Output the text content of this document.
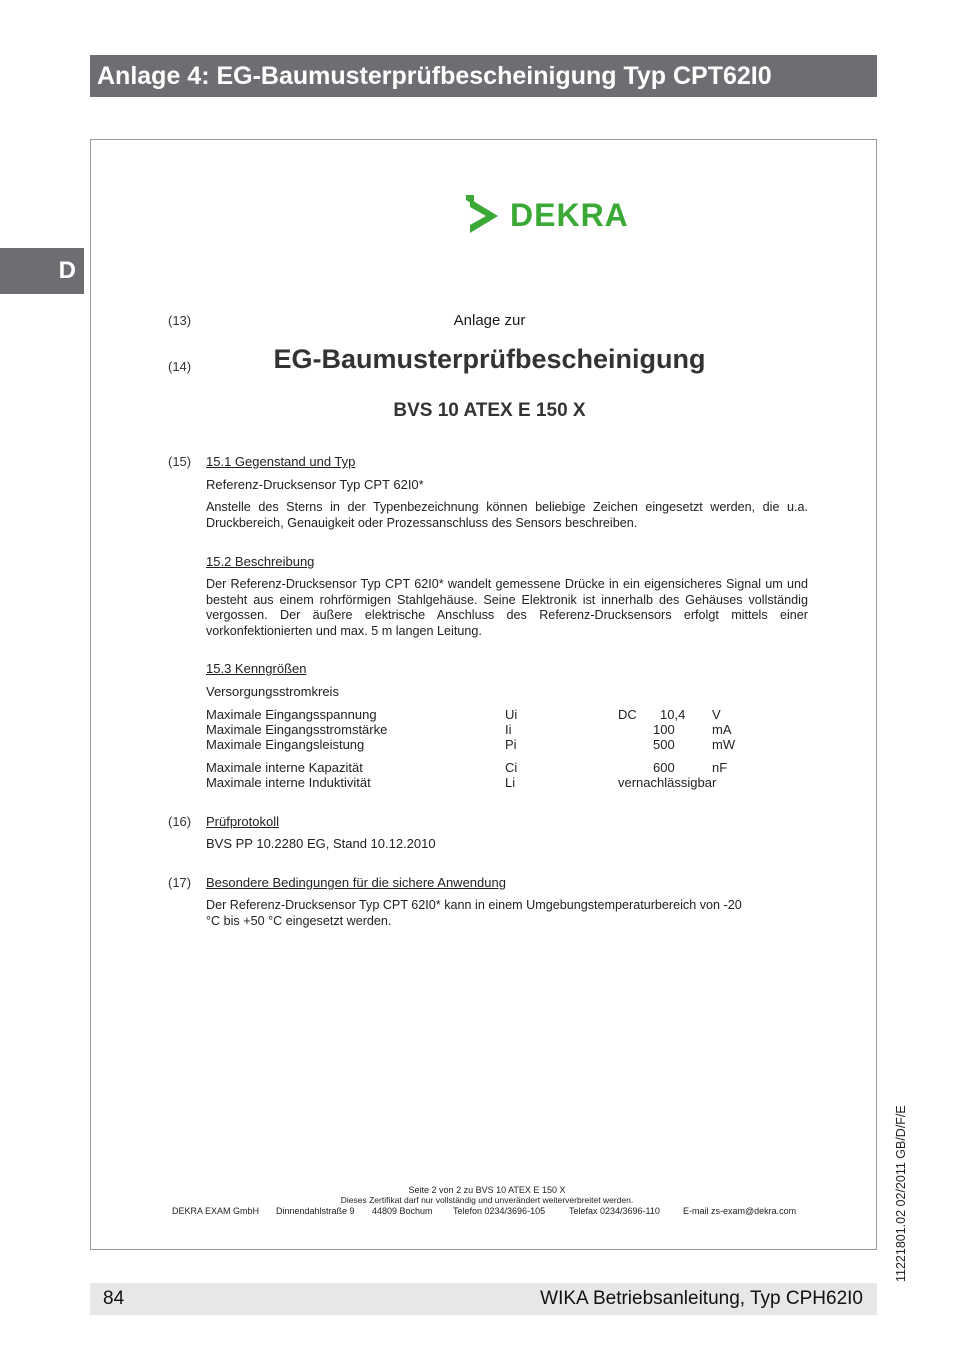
Anlage 4: EG-Baumusterprüfbescheinigung Typ CPT62I0
D
DEKRA
(13)	Anlage zur
(14)	EG-Baumusterprüfbescheinigung
BVS 10 ATEX E 150 X
(15) 15.1 Gegenstand und Typ
Referenz-Drucksensor Typ CPT 62I0*
Anstelle des Sterns in der Typenbezeichnung können beliebige Zeichen eingesetzt werden, die u.a. Druckbereich, Genauigkeit oder Prozessanschluss des Sensors beschreiben.
15.2 Beschreibung
Der Referenz-Drucksensor Typ CPT 62I0* wandelt gemessene Drücke in ein eigensicheres Signal um und besteht aus einem rohrförmigen Stahlgehäuse. Seine Elektronik ist innerhalb des Gehäuses vollständig vergossen. Der äußere elektrische Anschluss des Referenz-Drucksensors erfolgt mittels einer vorkonfektionierten und max. 5 m langen Leitung.
15.3 Kenngrößen
Versorgungsstromkreis
Maximale Eingangsspannung	Ui	DC 10,4 V
Maximale Eingangsstromstärke	Ii	100	mA
Maximale Eingangsleistung	Pi	500	mW
Maximale interne Kapazität	Ci	600	nF
Maximale interne Induktivität	Li	vernachlässigbar
(16) Prüfprotokoll
BVS PP 10.2280 EG, Stand 10.12.2010
(17) Besondere Bedingungen für die sichere Anwendung
Der Referenz-Drucksensor Typ CPT 62I0* kann in einem Umgebungstemperaturbereich von -20 °C bis +50 °C eingesetzt werden.
Seite 2 von 2 zu BVS 10 ATEX E 150 X
Dieses Zertifikat darf nur vollständig und unverändert weiterverbreitet werden.
DEKRA EXAM GmbH Dinnendahlstraße 9 44809 Bochum Telefon 0234/3696-105	Telefax 0234/3696-110	E-mail zs-exam@dekra.com	11221801.02 02/2011 GB/D/F/E
84	WIKA Betriebsanleitung, Typ CPH62I0
